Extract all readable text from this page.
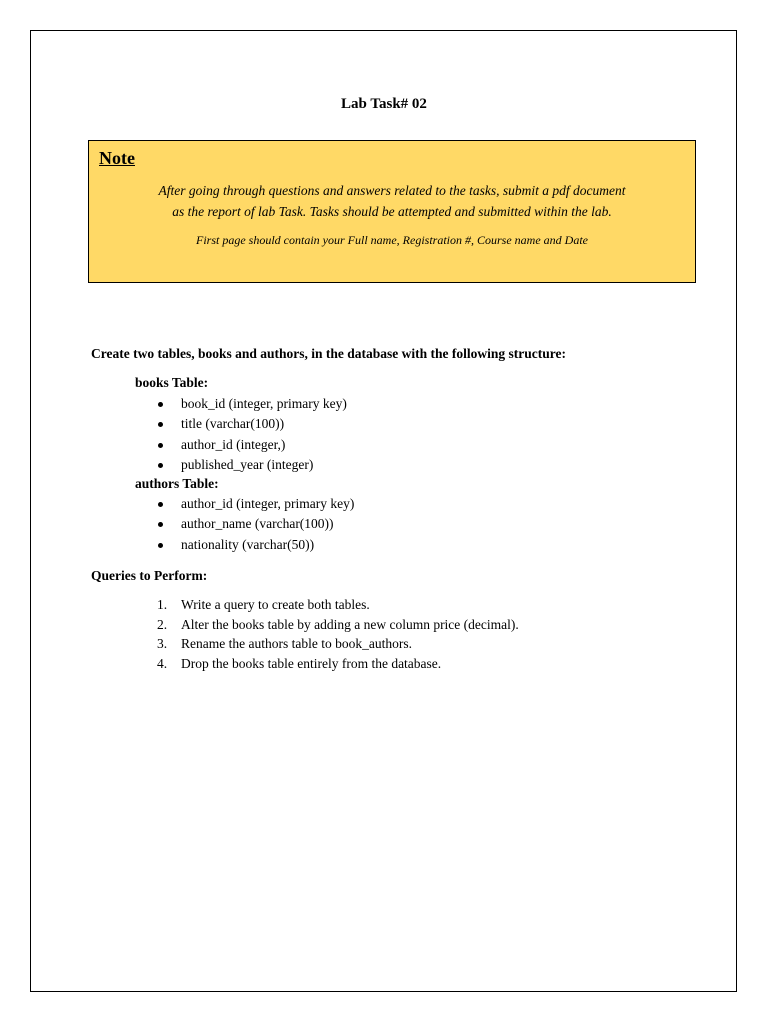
Lab Task# 02
Note
After going through questions and answers related to the tasks, submit a pdf document
as the report of lab Task. Tasks should be attempted and submitted within the lab.
First page should contain your Full name, Registration #, Course name and Date
Create two tables, books and authors, in the database with the following structure:
books Table:
book_id (integer, primary key)
title (varchar(100))
author_id (integer,)
published_year (integer)
authors Table:
author_id (integer, primary key)
author_name (varchar(100))
nationality (varchar(50))
Queries to Perform:
1. Write a query to create both tables.
2. Alter the books table by adding a new column price (decimal).
3. Rename the authors table to book_authors.
4. Drop the books table entirely from the database.
